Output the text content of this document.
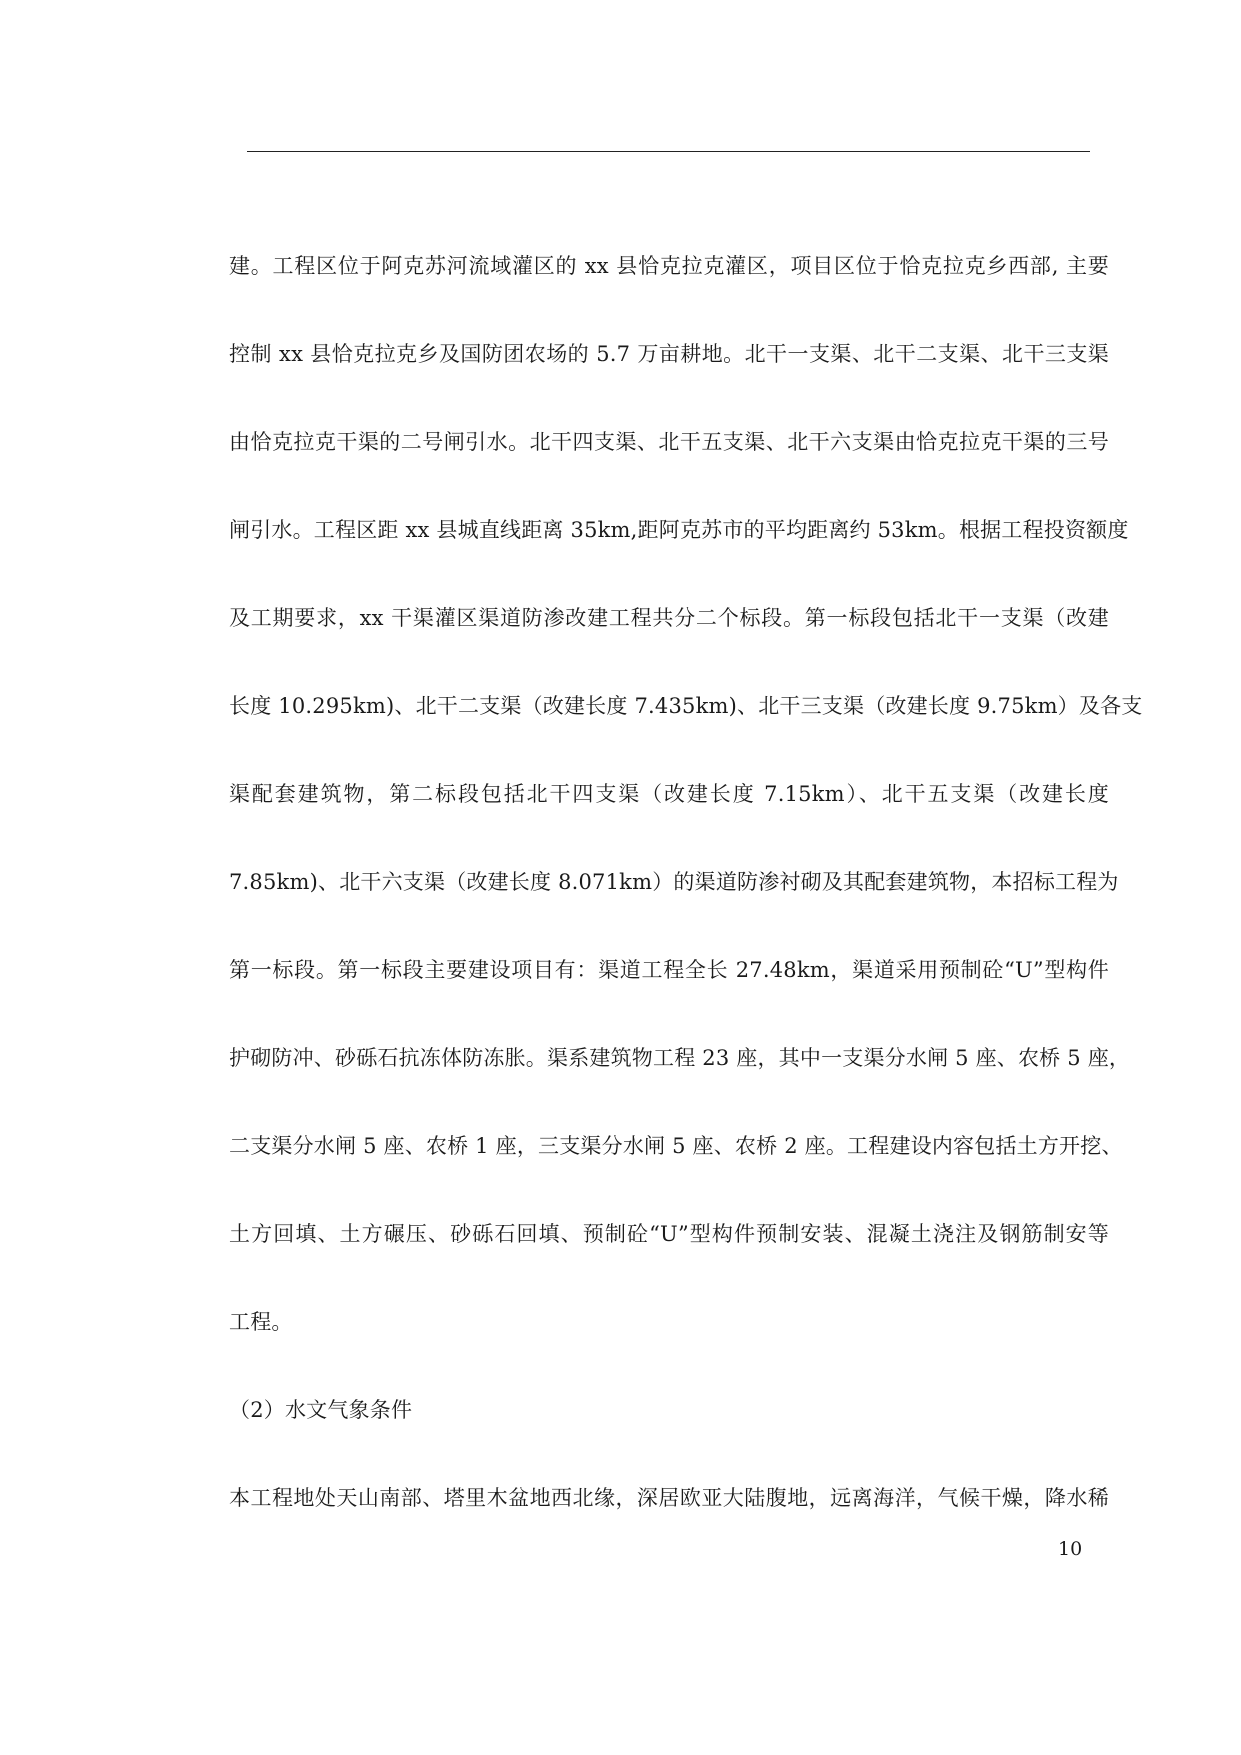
建。工程区位于阿克苏河流域灌区的 xx 县恰克拉克灌区，项目区位于恰克拉克乡西部, 主要
控制 xx 县恰克拉克乡及国防团农场的 5.7 万亩耕地。北干一支渠、北干二支渠、北干三支渠
由恰克拉克干渠的二号闸引水。北干四支渠、北干五支渠、北干六支渠由恰克拉克干渠的三号
闸引水。工程区距 xx 县城直线距离 35km,距阿克苏市的平均距离约 53km。根据工程投资额度
及工期要求，xx 干渠灌区渠道防渗改建工程共分二个标段。第一标段包括北干一支渠（改建
长度 10.295km)、北干二支渠（改建长度 7.435km)、北干三支渠（改建长度 9.75km）及各支
渠配套建筑物，第二标段包括北干四支渠（改建长度 7.15km）、北干五支渠（改建长度
7.85km)、北干六支渠（改建长度 8.071km）的渠道防渗衬砌及其配套建筑物，本招标工程为
第一标段。第一标段主要建设项目有：渠道工程全长 27.48km，渠道采用预制砼“U”型构件
护砌防冲、砂砾石抗冻体防冻胀。渠系建筑物工程 23 座，其中一支渠分水闸 5 座、农桥 5 座，
二支渠分水闸 5 座、农桥 1 座，三支渠分水闸 5 座、农桥 2 座。工程建设内容包括土方开挖、
土方回填、土方碾压、砂砾石回填、预制砼“U”型构件预制安装、混凝土浇注及钢筋制安等
工程。
（2）水文气象条件
本工程地处天山南部、塔里木盆地西北缘，深居欧亚大陆腹地，远离海洋，气候干燥，降水稀
10
